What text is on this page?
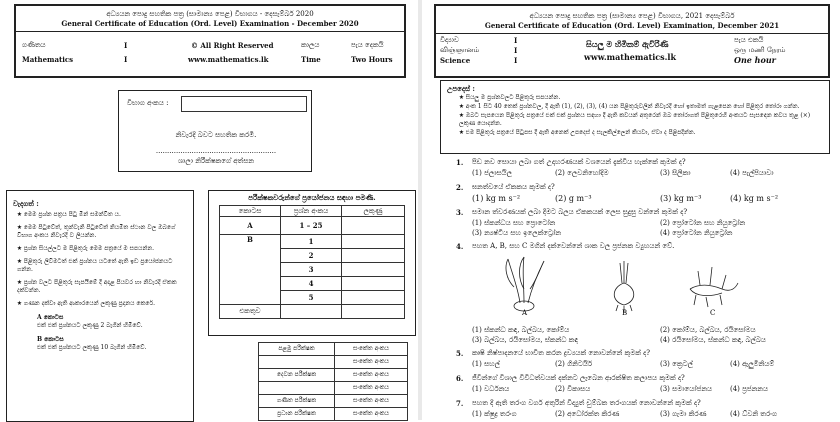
අධ්‍යයන පොදු සහතික පත්‍ර (සාමාන්‍ය පෙළ) විභාගය - දෙසැම්බර් 2020
General Certificate of Education (Ord. Level) Examination - December 2020
ගණිතය
Mathematics
I
I
© All Right Reserved
www.mathematics.lk
කාලය
Time
පැය දෙකයි
Two Hours
විභාග අංකය :
නිවැරදි බවට සහතික කරමි.
......................................................
ශාලා නිරීක්ෂකගේ අත්සන
වැදගත් :
★ මෙම ප්‍රශ්න පත්‍රය පිටු මින් සමන්විත ය.
★ මෙම පිටුවේත්, තුන්වැනි පිටුවේත් නියමිත ස්ථාන වල ඔබගේ විභාග අංකය නිවැරදි ව ලියන්න.
★ ප්‍රශ්න සියල්ලට ම පිළිතුරු මෙම පත්‍රයේ ම සපයන්න.
★ පිළිතුරු ලිවීමටත් එක් ප්‍රශ්නය යටතේ ඇති ඉඩ ප්‍රයෝජනයට ගන්න.
★ ප්‍රශ්න වලට පිළිතුරු සැපයීමේ දී අදාළ පියවර හා නිවැරදි ඒකක දක්වන්න.
★ ගණන දක්වා ඇති ආකාරයෙන් ලකුණු ප්‍රදානය කෙරේ.
A කොටස
එක් එක් ප්‍රශ්නයට ලකුණු 2 බැගින් හිමිවේ.
B කොටස
එක් එක් ප්‍රශ්නයට ලකුණු 10 බැගින් හිමිවේ.
පරීක්ෂකවරුන්ගේ ප්‍රයෝජනය සඳහා පමණි.
කොටස	ප්‍රශ්න අංකය	ලකුණු
A	1 – 25	
B	1	
	2	
	3	
	4	
	5	
එකතුව		
පළමු පරීක්ෂක	සංකේත අංකය
	සංකේත අංකය
දෙවන පරීක්ෂක	සංකේත අංකය
	සංකේත අංකය
ගණිත පරීක්ෂක	සංකේත අංකය
ප්‍රධාන පරීක්ෂක	සංකේත අංකය
අධ්‍යයන පොදු සහතික පත්‍ර (සාමාන්‍ය පෙළ) විභාගය, 2021 දෙසැම්බර්
General Certificate of Education (Ord. Level) Examination, December 2021
විද්‍යාව
விஞ்ஞானம்
Science
I
I
I
සියලු ම හිමිකම් ඇවිරිණි
www.mathematics.lk
පැය එකයි
ஒரு மணி நேரம்
One hour
උපදෙස් :
★ සියලු ම ප්‍රශ්නවලට පිළිතුරු සපයන්න.
★ අංක 1 සිට 40 තෙක් ප්‍රශ්නවල, දී ඇති (1), (2), (3), (4) යන පිළිතුරුවලින් නිවැරදි හෝ ඉතාමත් ගැළපෙන හෝ පිළිතුර තෝරා ගන්න.
★ ඔබට සැපයෙන පිළිතුරු පත්‍රයේ එක් එක් ප්‍රශ්නය සඳහා දී ඇති කවයන් අතුරෙන් ඔබ තෝරාගත් පිළිතුරෙහි අංකයට සැසඳෙන කවය තුළ (×) ලකුණ යොදන්න.
★ එම පිළිතුරු පත්‍රයේ පිටුපස දී ඇති අනෙක් උපදෙස් ද සැලකිල්ලෙන් කියවා, ඒවා ද පිළිපදින්න.
1. පීඩ නව සොයා ලබා ගත් උදාහරණයක් වශයෙන් දැක්විය හැක්කේ කුමක් ද?
(1) ජලාසයිල	(2) ලෙවනිහෝදිම	(3) සිලිකා	(4) පැල්පියාවා
2. ඝනත්වයේ ඒකකය කුමක් ද?
(1) kg m s⁻²	(2) g m⁻³	(3) kg m⁻³	(4) kg m s⁻²
3. සමාන ත්වරණයක් ලබා දීමට බලය ඒකකයක් ලෙස සුදුසු වන්නේ කුමක් ද?
(1) ස්කන්ධය සහ ප්‍රොටෝන	(2) ප්‍රෝටෝන සහ නියුට්‍රෝන
(3) න්‍යෂ්ටිය සහ ඉලෙක්ට්‍රෝන	(4) ප්‍රෝටෝන නියුට්‍රෝන
4. පහත A, B, සහ C මගින් දක්වෙන්නේ ශාක වල ප්‍රජනක ව්‍යුහයන් වේ.
A	B	C
(1) ස්කන්ධ කඳ, බල්බය, කෝම්ය	(2) කෝම්ය, බල්බය, රයිසෝමය
(3) බල්බය, රයිසෝමය, ස්කන්ධ කඳ	(4) රයිසෝමය, ස්කන්ධ කඳ, බල්බය
5. කෘෂි නිෂ්පාදනයේ භාවිත කරන ද්‍රව්‍යයක් නොවන්නේ කුමක් ද?
(1) සහල්	(2) ගිනිටයිර්	(3) ක්‍රෙටල්	(4) ඇලුමිනියම්
6. ජීවීන්ගේ විශාල විවිධත්වයක් දක්නට ලැබෙන ආරක්ෂිත කලාපය කුමක් ද?
(1) වර්ධනය	(2) විකාසය	(3) සමායෝජනය	(4) ප්‍රජනනය
7. පහත දී ඇති තරංග වර්ග අතුරින් විද්‍යුත් චුම්බක තරංගයක් නොවන්නේ කුමක් ද?
(1) ක්ෂුද්‍ර තරංග	(2) අධෝරක්ත කිරණ	(3) ගැමා කිරණ	(4) ධ්වනි තරංග
